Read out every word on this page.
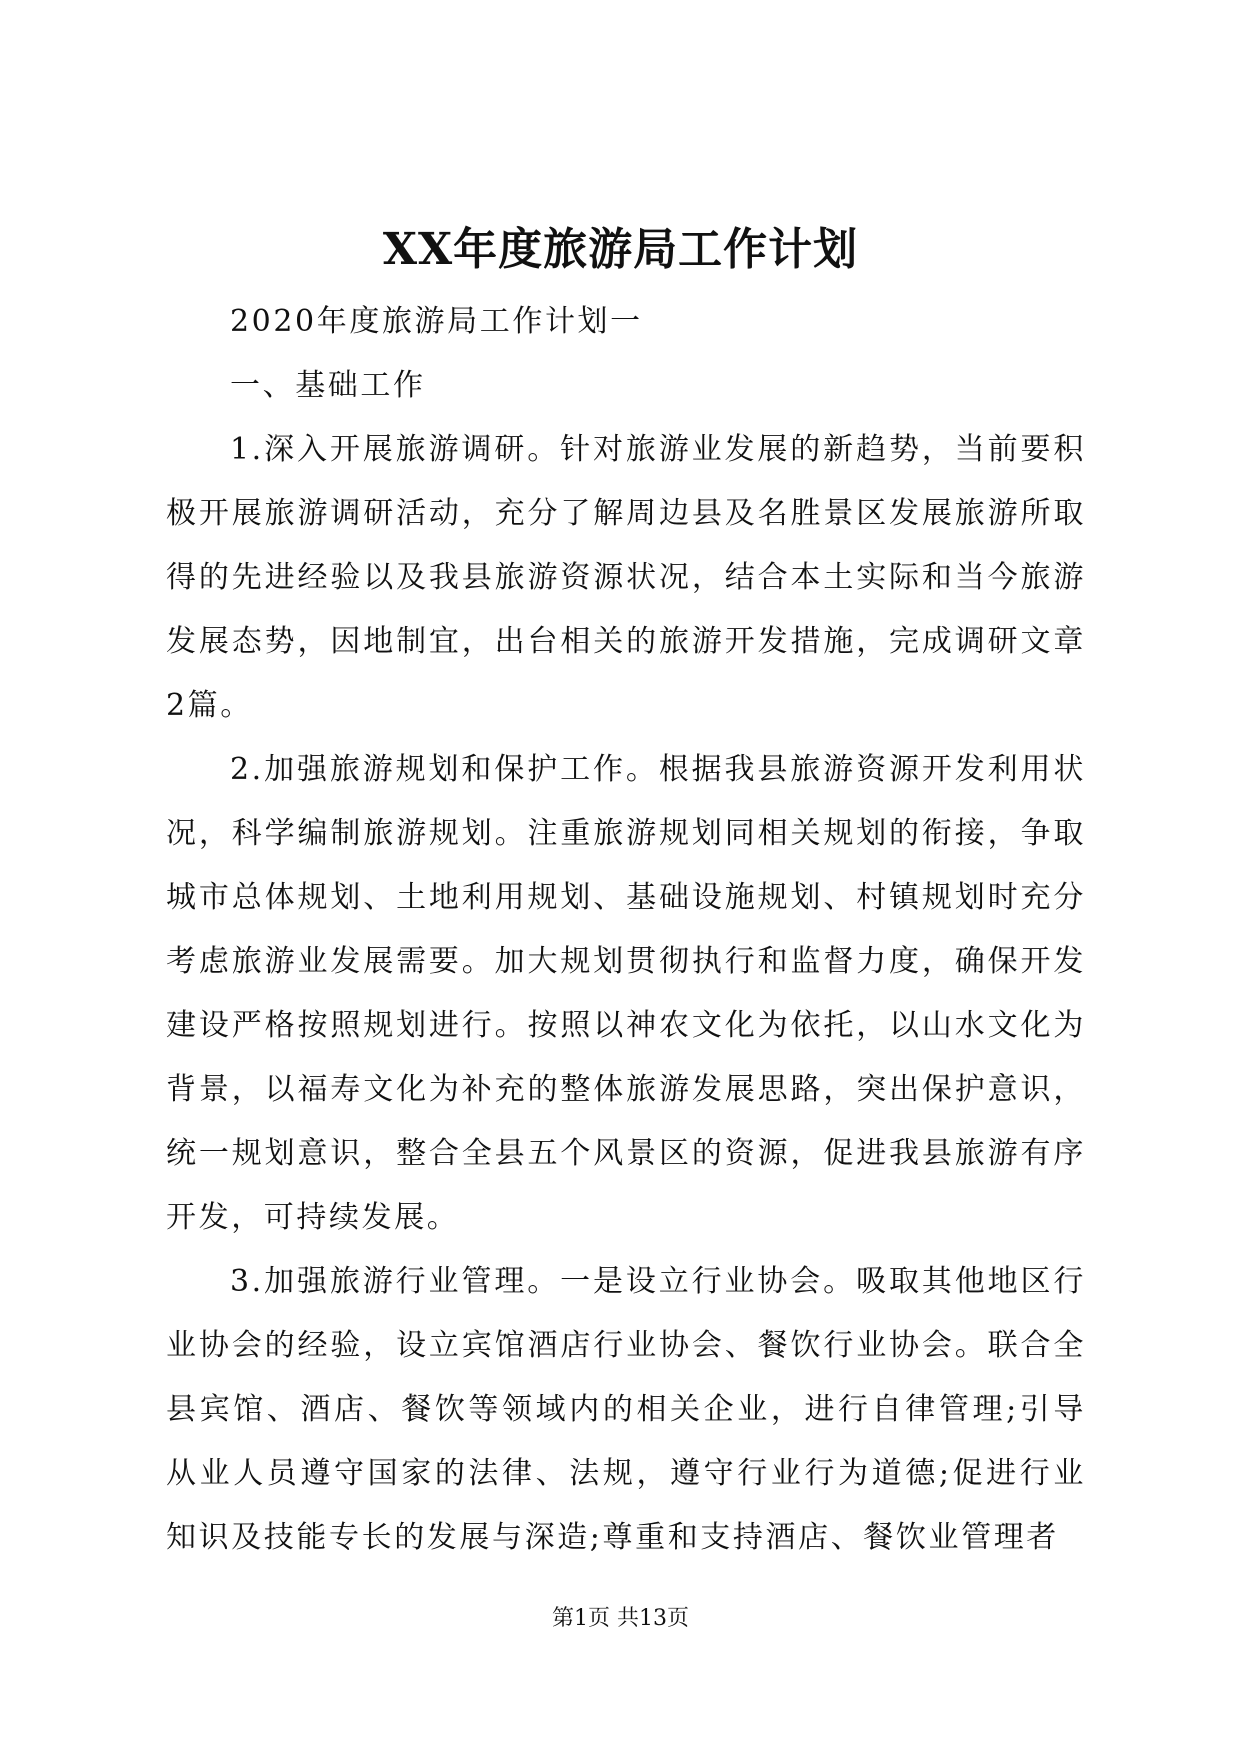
XX年度旅游局工作计划

2020年度旅游局工作计划一

一、基础工作

1.深入开展旅游调研。针对旅游业发展的新趋势，当前要积极开展旅游调研活动，充分了解周边县及名胜景区发展旅游所取得的先进经验以及我县旅游资源状况，结合本土实际和当今旅游发展态势，因地制宜，出台相关的旅游开发措施，完成调研文章2篇。

2.加强旅游规划和保护工作。根据我县旅游资源开发利用状况，科学编制旅游规划。注重旅游规划同相关规划的衔接，争取城市总体规划、土地利用规划、基础设施规划、村镇规划时充分考虑旅游业发展需要。加大规划贯彻执行和监督力度，确保开发建设严格按照规划进行。按照以神农文化为依托，以山水文化为背景，以福寿文化为补充的整体旅游发展思路，突出保护意识，统一规划意识，整合全县五个风景区的资源，促进我县旅游有序开发，可持续发展。

3.加强旅游行业管理。一是设立行业协会。吸取其他地区行业协会的经验，设立宾馆酒店行业协会、餐饮行业协会。联合全县宾馆、酒店、餐饮等领域内的相关企业，进行自律管理;引导从业人员遵守国家的法律、法规，遵守行业行为道德;促进行业知识及技能专长的发展与深造;尊重和支持酒店、餐饮业管理者

第1页 共13页
